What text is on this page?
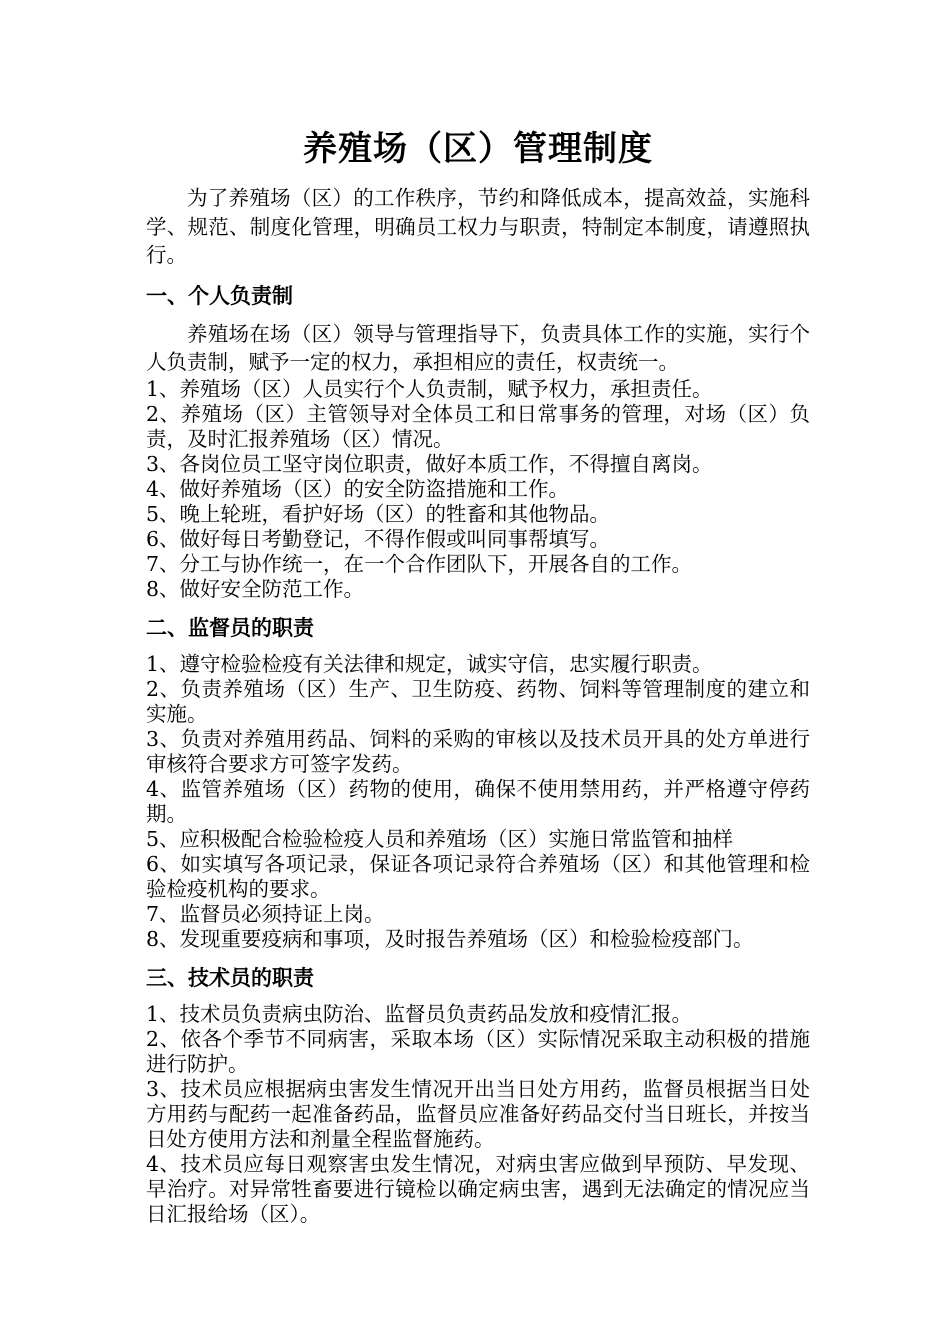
养殖场（区）管理制度

为了养殖场（区）的工作秩序，节约和降低成本，提高效益，实施科学、规范、制度化管理，明确员工权力与职责，特制定本制度，请遵照执行。

一、个人负责制

养殖场在场（区）领导与管理指导下，负责具体工作的实施，实行个人负责制，赋予一定的权力，承担相应的责任，权责统一。

1、养殖场（区）人员实行个人负责制，赋予权力，承担责任。

2、养殖场（区）主管领导对全体员工和日常事务的管理，对场（区）负责，及时汇报养殖场（区）情况。

3、各岗位员工坚守岗位职责，做好本质工作，不得擅自离岗。

4、做好养殖场（区）的安全防盗措施和工作。

5、晚上轮班，看护好场（区）的牲畜和其他物品。

6、做好每日考勤登记，不得作假或叫同事帮填写。

7、分工与协作统一，在一个合作团队下，开展各自的工作。

8、做好安全防范工作。

二、监督员的职责

1、遵守检验检疫有关法律和规定，诚实守信，忠实履行职责。

2、负责养殖场（区）生产、卫生防疫、药物、饲料等管理制度的建立和实施。

3、负责对养殖用药品、饲料的采购的审核以及技术员开具的处方单进行审核符合要求方可签字发药。

4、监管养殖场（区）药物的使用，确保不使用禁用药，并严格遵守停药期。

5、应积极配合检验检疫人员和养殖场（区）实施日常监管和抽样

6、如实填写各项记录，保证各项记录符合养殖场（区）和其他管理和检验检疫机构的要求。

7、监督员必须持证上岗。

8、发现重要疫病和事项，及时报告养殖场（区）和检验检疫部门。

三、技术员的职责

1、技术员负责病虫防治、监督员负责药品发放和疫情汇报。

2、依各个季节不同病害，采取本场（区）实际情况采取主动积极的措施进行防护。

3、技术员应根据病虫害发生情况开出当日处方用药，监督员根据当日处方用药与配药一起准备药品，监督员应准备好药品交付当日班长，并按当日处方使用方法和剂量全程监督施药。

4、技术员应每日观察害虫发生情况，对病虫害应做到早预防、早发现、早治疗。对异常牲畜要进行镜检以确定病虫害，遇到无法确定的情况应当日汇报给场（区）。
